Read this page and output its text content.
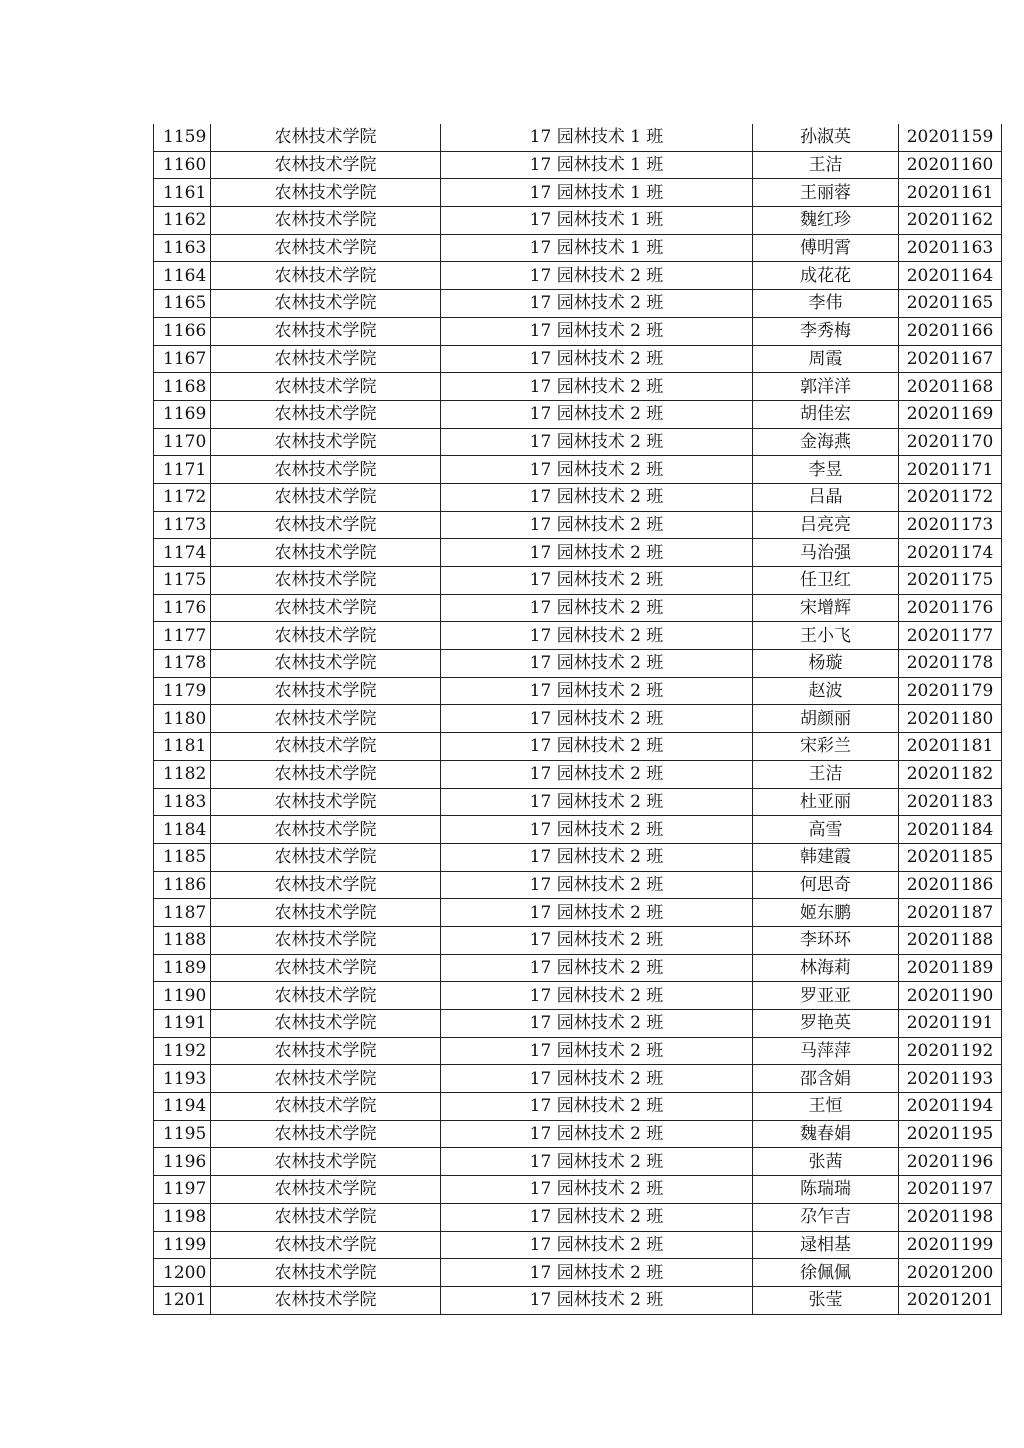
1159	农林技术学院	17 园林技术 1 班	孙淑英	20201159
1160	农林技术学院	17 园林技术 1 班	王洁	20201160
1161	农林技术学院	17 园林技术 1 班	王丽蓉	20201161
1162	农林技术学院	17 园林技术 1 班	魏红珍	20201162
1163	农林技术学院	17 园林技术 1 班	傅明霄	20201163
1164	农林技术学院	17 园林技术 2 班	成花花	20201164
1165	农林技术学院	17 园林技术 2 班	李伟	20201165
1166	农林技术学院	17 园林技术 2 班	李秀梅	20201166
1167	农林技术学院	17 园林技术 2 班	周霞	20201167
1168	农林技术学院	17 园林技术 2 班	郭洋洋	20201168
1169	农林技术学院	17 园林技术 2 班	胡佳宏	20201169
1170	农林技术学院	17 园林技术 2 班	金海燕	20201170
1171	农林技术学院	17 园林技术 2 班	李昱	20201171
1172	农林技术学院	17 园林技术 2 班	吕晶	20201172
1173	农林技术学院	17 园林技术 2 班	吕亮亮	20201173
1174	农林技术学院	17 园林技术 2 班	马治强	20201174
1175	农林技术学院	17 园林技术 2 班	任卫红	20201175
1176	农林技术学院	17 园林技术 2 班	宋增辉	20201176
1177	农林技术学院	17 园林技术 2 班	王小飞	20201177
1178	农林技术学院	17 园林技术 2 班	杨璇	20201178
1179	农林技术学院	17 园林技术 2 班	赵波	20201179
1180	农林技术学院	17 园林技术 2 班	胡颜丽	20201180
1181	农林技术学院	17 园林技术 2 班	宋彩兰	20201181
1182	农林技术学院	17 园林技术 2 班	王洁	20201182
1183	农林技术学院	17 园林技术 2 班	杜亚丽	20201183
1184	农林技术学院	17 园林技术 2 班	高雪	20201184
1185	农林技术学院	17 园林技术 2 班	韩建霞	20201185
1186	农林技术学院	17 园林技术 2 班	何思奇	20201186
1187	农林技术学院	17 园林技术 2 班	姬东鹏	20201187
1188	农林技术学院	17 园林技术 2 班	李环环	20201188
1189	农林技术学院	17 园林技术 2 班	林海莉	20201189
1190	农林技术学院	17 园林技术 2 班	罗亚亚	20201190
1191	农林技术学院	17 园林技术 2 班	罗艳英	20201191
1192	农林技术学院	17 园林技术 2 班	马萍萍	20201192
1193	农林技术学院	17 园林技术 2 班	邵含娟	20201193
1194	农林技术学院	17 园林技术 2 班	王恒	20201194
1195	农林技术学院	17 园林技术 2 班	魏春娟	20201195
1196	农林技术学院	17 园林技术 2 班	张茜	20201196
1197	农林技术学院	17 园林技术 2 班	陈瑞瑞	20201197
1198	农林技术学院	17 园林技术 2 班	尕乍吉	20201198
1199	农林技术学院	17 园林技术 2 班	逯相基	20201199
1200	农林技术学院	17 园林技术 2 班	徐佩佩	20201200
1201	农林技术学院	17 园林技术 2 班	张莹	20201201
